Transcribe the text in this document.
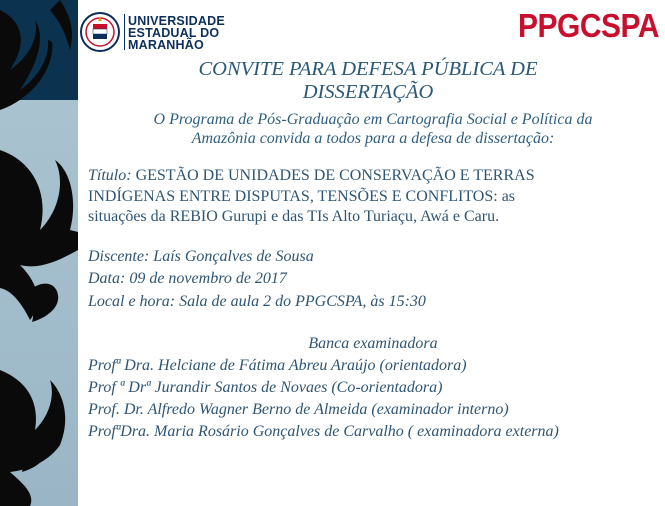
UNIVERSIDADE
ESTADUAL DO
MARANHÃO
PPGCSPA
CONVITE PARA DEFESA PÚBLICA DE
DISSERTAÇÃO
O Programa de Pós-Graduação em Cartografia Social e Política da
Amazônia convida a todos para a defesa de dissertação:
Título: GESTÃO DE UNIDADES DE CONSERVAÇÃO E TERRAS
INDÍGENAS ENTRE DISPUTAS, TENSÕES E CONFLITOS: as
situações da REBIO Gurupi e das TIs Alto Turiaçu, Awá e Caru.
Discente: Laís Gonçalves de Sousa
Data: 09 de novembro de 2017
Local e hora: Sala de aula 2 do PPGCSPA, às 15:30
Banca examinadora
Profª Dra. Helciane de Fátima Abreu Araújo (orientadora)
Prof ª Drª Jurandir Santos de Novaes (Co-orientadora)
Prof. Dr. Alfredo Wagner Berno de Almeida (examinador interno)
ProfªDra. Maria Rosário Gonçalves de Carvalho ( examinadora externa)
